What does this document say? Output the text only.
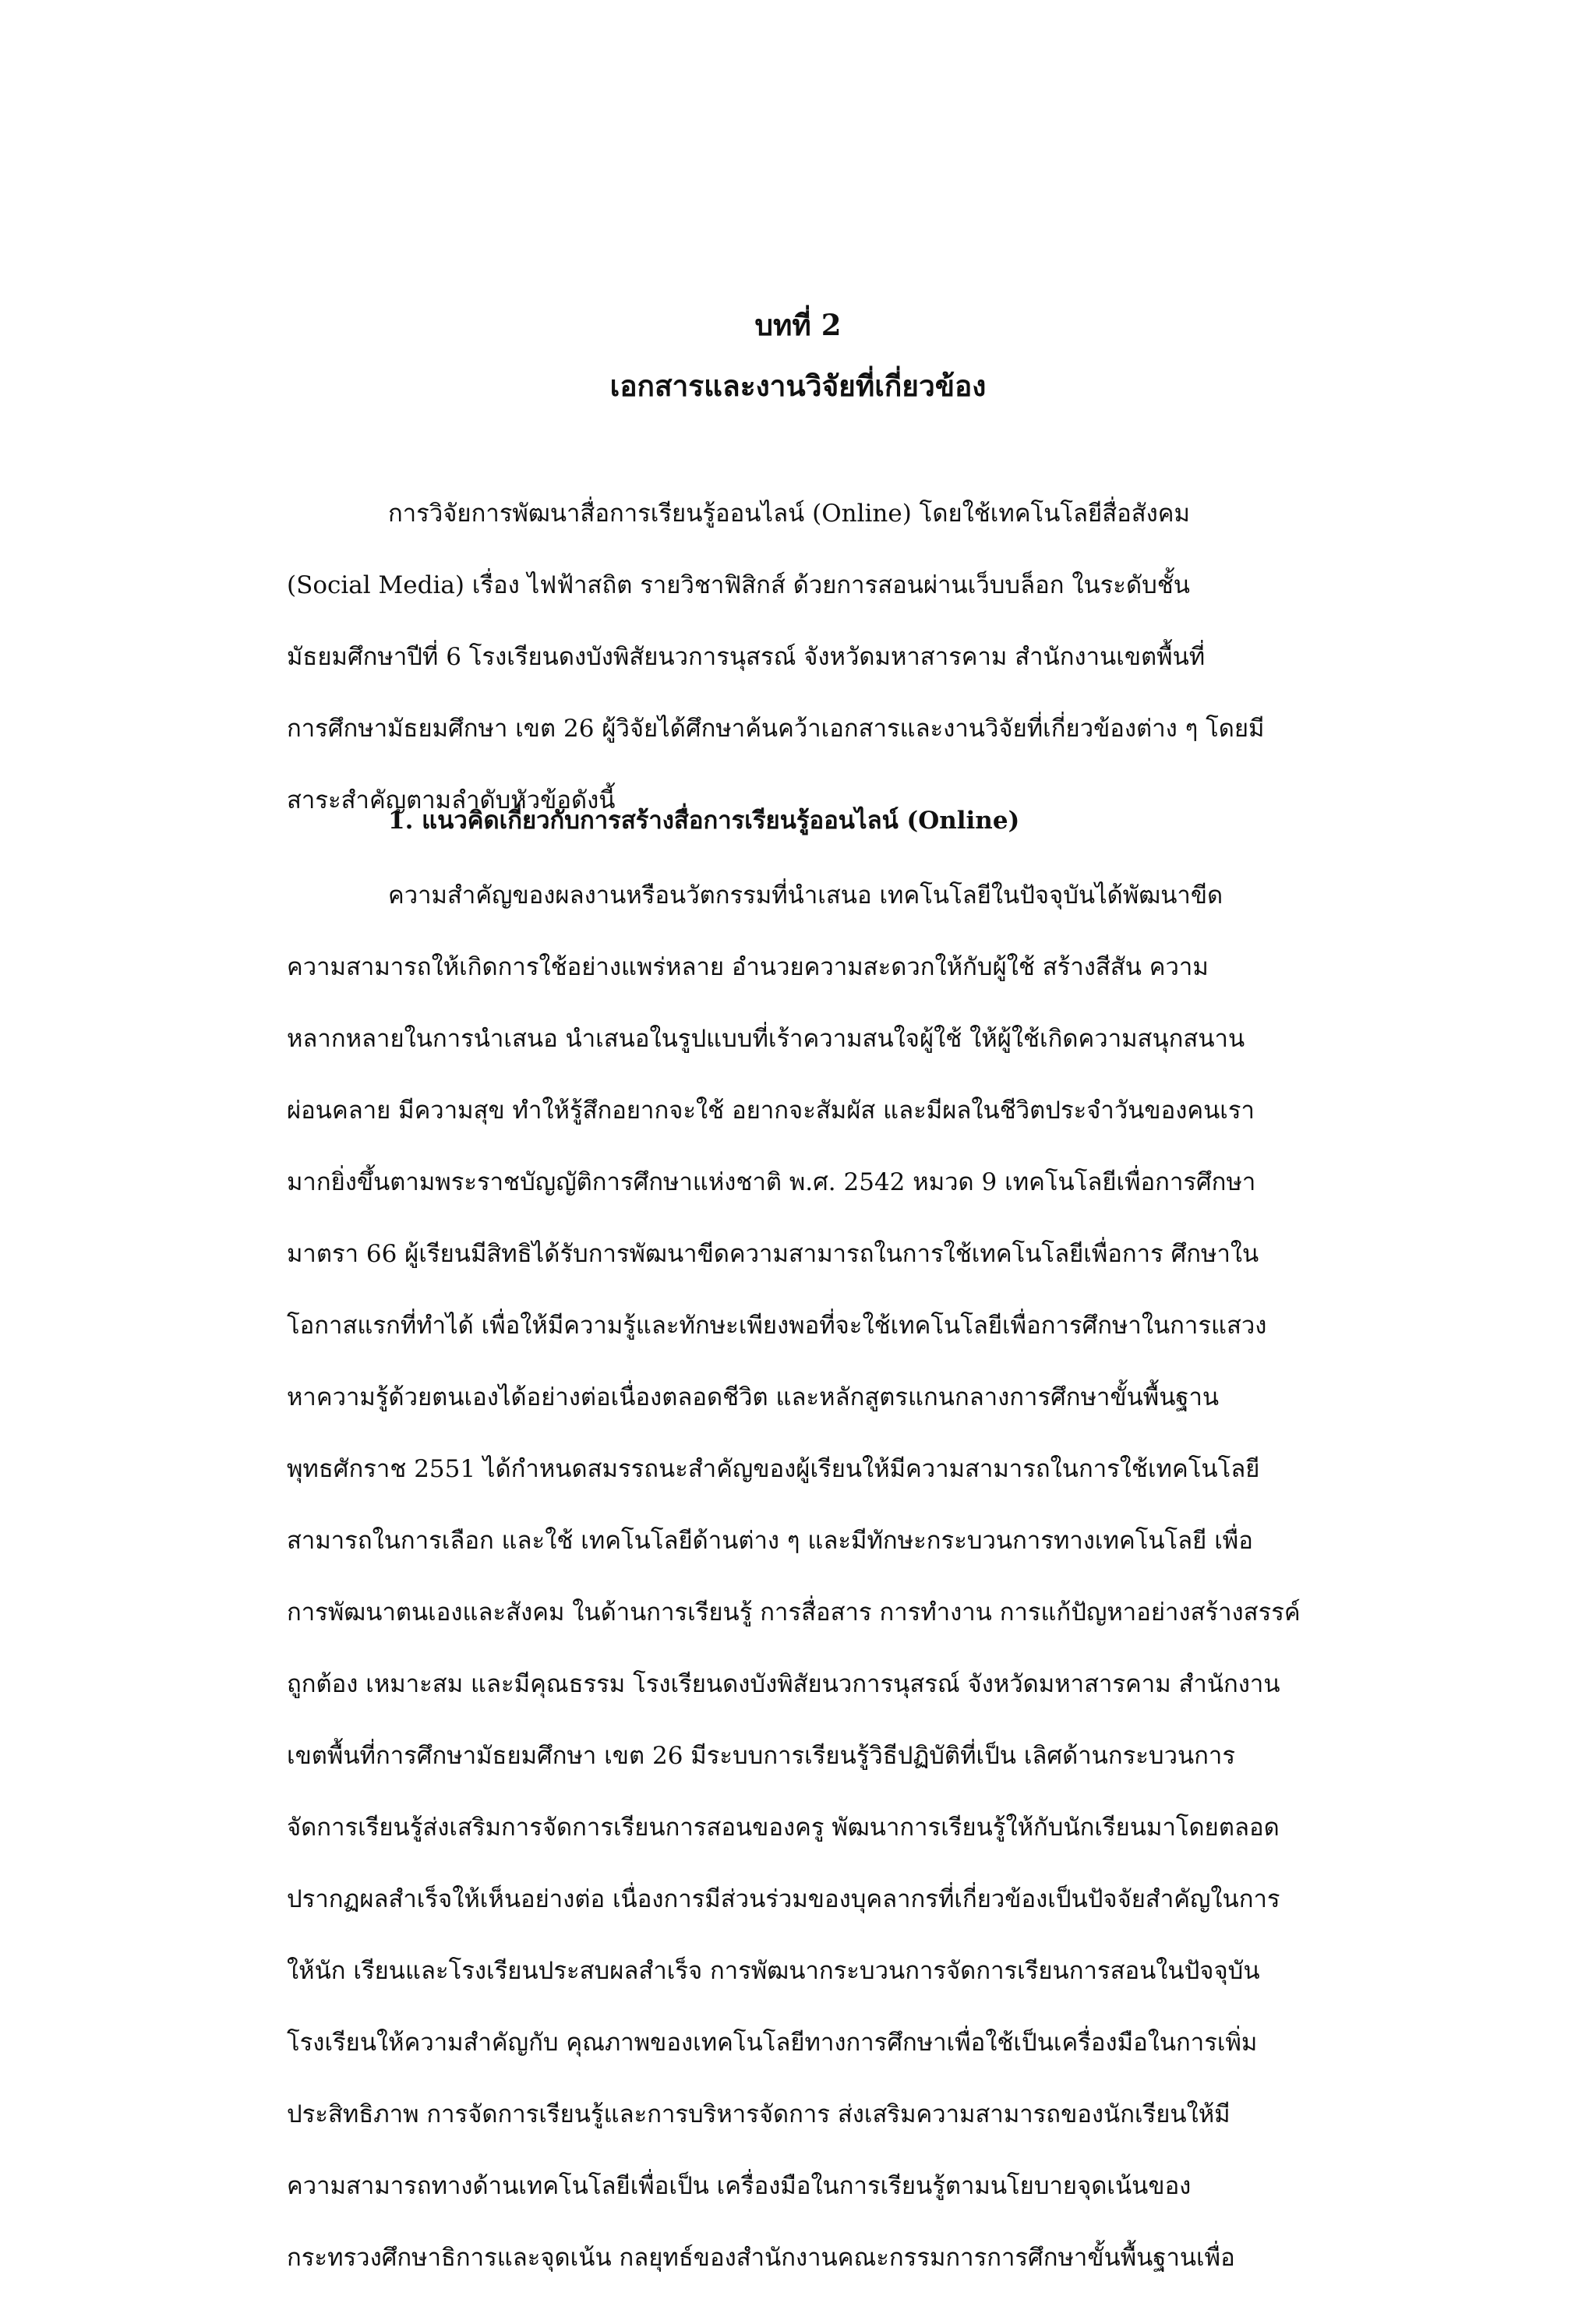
บทที่ 2
เอกสารและงานวิจัยที่เกี่ยวข้อง
การวิจัยการพัฒนาสื่อการเรียนรู้ออนไลน์ (Online) โดยใช้เทคโนโลยีสื่อสังคม
(Social Media) เรื่อง ไฟฟ้าสถิต รายวิชาฟิสิกส์ ด้วยการสอนผ่านเว็บบล็อก ในระดับชั้น
มัธยมศึกษาปีที่ 6 โรงเรียนดงบังพิสัยนวการนุสรณ์ จังหวัดมหาสารคาม สำนักงานเขตพื้นที่
การศึกษามัธยมศึกษา เขต 26 ผู้วิจัยได้ศึกษาค้นคว้าเอกสารและงานวิจัยที่เกี่ยวข้องต่าง ๆ โดยมี
สาระสำคัญตามลำดับหัวข้อดังนี้
1. แนวคิดเกี่ยวกับการสร้างสื่อการเรียนรู้ออนไลน์ (Online)
ความสำคัญของผลงานหรือนวัตกรรมที่นำเสนอ เทคโนโลยีในปัจจุบันได้พัฒนาขีด
ความสามารถให้เกิดการใช้อย่างแพร่หลาย อำนวยความสะดวกให้กับผู้ใช้ สร้างสีสัน ความ
หลากหลายในการนำเสนอ นำเสนอในรูปแบบที่เร้าความสนใจผู้ใช้ ให้ผู้ใช้เกิดความสนุกสนาน
ผ่อนคลาย มีความสุข ทำให้รู้สึกอยากจะใช้ อยากจะสัมผัส และมีผลในชีวิตประจำวันของคนเรา
มากยิ่งขึ้นตามพระราชบัญญัติการศึกษาแห่งชาติ พ.ศ. 2542 หมวด 9 เทคโนโลยีเพื่อการศึกษา
มาตรา 66 ผู้เรียนมีสิทธิได้รับการพัฒนาขีดความสามารถในการใช้เทคโนโลยีเพื่อการ ศึกษาใน
โอกาสแรกที่ทำได้ เพื่อให้มีความรู้และทักษะเพียงพอที่จะใช้เทคโนโลยีเพื่อการศึกษาในการแสวง
หาความรู้ด้วยตนเองได้อย่างต่อเนื่องตลอดชีวิต และหลักสูตรแกนกลางการศึกษาขั้นพื้นฐาน
พุทธศักราช 2551 ได้กำหนดสมรรถนะสำคัญของผู้เรียนให้มีความสามารถในการใช้เทคโนโลยี
สามารถในการเลือก และใช้ เทคโนโลยีด้านต่าง ๆ และมีทักษะกระบวนการทางเทคโนโลยี เพื่อ
การพัฒนาตนเองและสังคม ในด้านการเรียนรู้ การสื่อสาร การทำงาน การแก้ปัญหาอย่างสร้างสรรค์
ถูกต้อง เหมาะสม และมีคุณธรรม โรงเรียนดงบังพิสัยนวการนุสรณ์ จังหวัดมหาสารคาม สำนักงาน
เขตพื้นที่การศึกษามัธยมศึกษา เขต 26 มีระบบการเรียนรู้วิธีปฏิบัติที่เป็น เลิศด้านกระบวนการ
จัดการเรียนรู้ส่งเสริมการจัดการเรียนการสอนของครู พัฒนาการเรียนรู้ให้กับนักเรียนมาโดยตลอด
ปรากฏผลสำเร็จให้เห็นอย่างต่อ เนื่องการมีส่วนร่วมของบุคลากรที่เกี่ยวข้องเป็นปัจจัยสำคัญในการ
ให้นัก เรียนและโรงเรียนประสบผลสำเร็จ การพัฒนากระบวนการจัดการเรียนการสอนในปัจจุบัน
โรงเรียนให้ความสำคัญกับ คุณภาพของเทคโนโลยีทางการศึกษาเพื่อใช้เป็นเครื่องมือในการเพิ่ม
ประสิทธิภาพ การจัดการเรียนรู้และการบริหารจัดการ ส่งเสริมความสามารถของนักเรียนให้มี
ความสามารถทางด้านเทคโนโลยีเพื่อเป็น เครื่องมือในการเรียนรู้ตามนโยบายจุดเน้นของ
กระทรวงศึกษาธิการและจุดเน้น กลยุทธ์ของสำนักงานคณะกรรมการการศึกษาขั้นพื้นฐานเพื่อ
